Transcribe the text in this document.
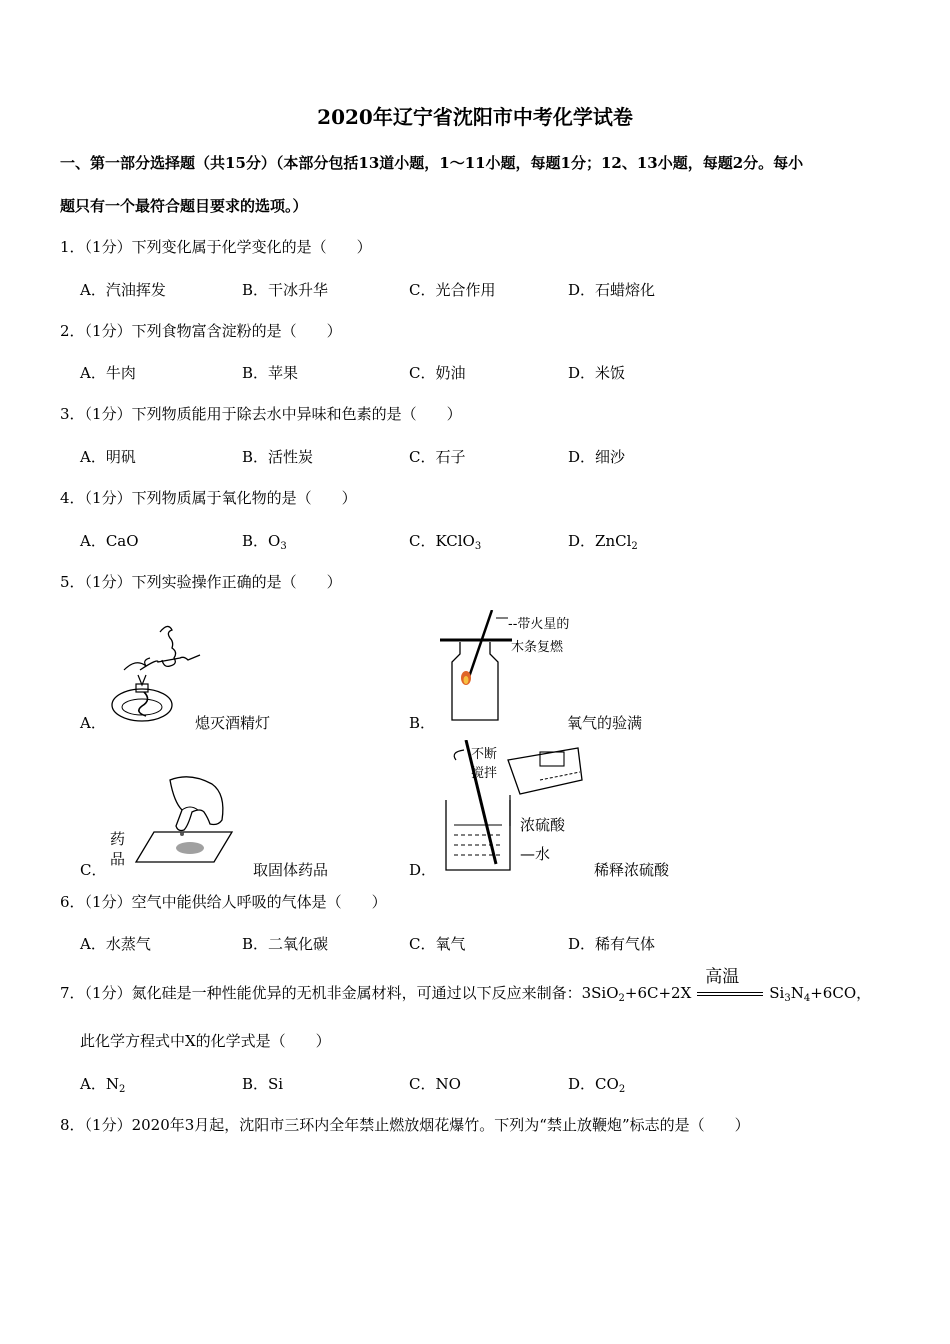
2020年辽宁省沈阳市中考化学试卷
一、第一部分选择题（共15分）（本部分包括13道小题，1～11小题，每题1分；12、13小题，每题2分。每小
题只有一个最符合题目要求的选项。）
1．（1分）下列变化属于化学变化的是（　　）
A．汽油挥发	B．干冰升华	C．光合作用	D．石蜡熔化
2．（1分）下列食物富含淀粉的是（　　）
A．牛肉	B．苹果	C．奶油	D．米饭
3．（1分）下列物质能用于除去水中异味和色素的是（　　）
A．明矾	B．活性炭	C．石子	D．细沙
4．（1分）下列物质属于氧化物的是（　　）
A．CaO	B．$O_3$	C．KClO$_3$	D．ZnCl$_2$
5．（1分）下列实验操作正确的是（　　）
A．	熄灭酒精灯
--带火星的
木条复燃
B．	氧气的验满
药
品
C．	取固体药品
不断
搅拌
浓硫酸
—水
D．	稀释浓硫酸
6．（1分）空气中能供给人呼吸的气体是（　　）
A．水蒸气	B．二氧化碳	C．氧气	D．稀有气体
7．（1分）氮化硅是一种性能优异的无机非金属材料，可通过以下反应来制备：3SiO$_2$+6C+2X
高温
$Si_3N_4+6CO$，
此化学方程式中X的化学式是（　　）
A．$N_2$	B．Si	C．NO	D．$CO_2$
8．（1分）2020年3月起，沈阳市三环内全年禁止燃放烟花爆竹。下列为“禁止放鞭炮”标志的是（　　）
